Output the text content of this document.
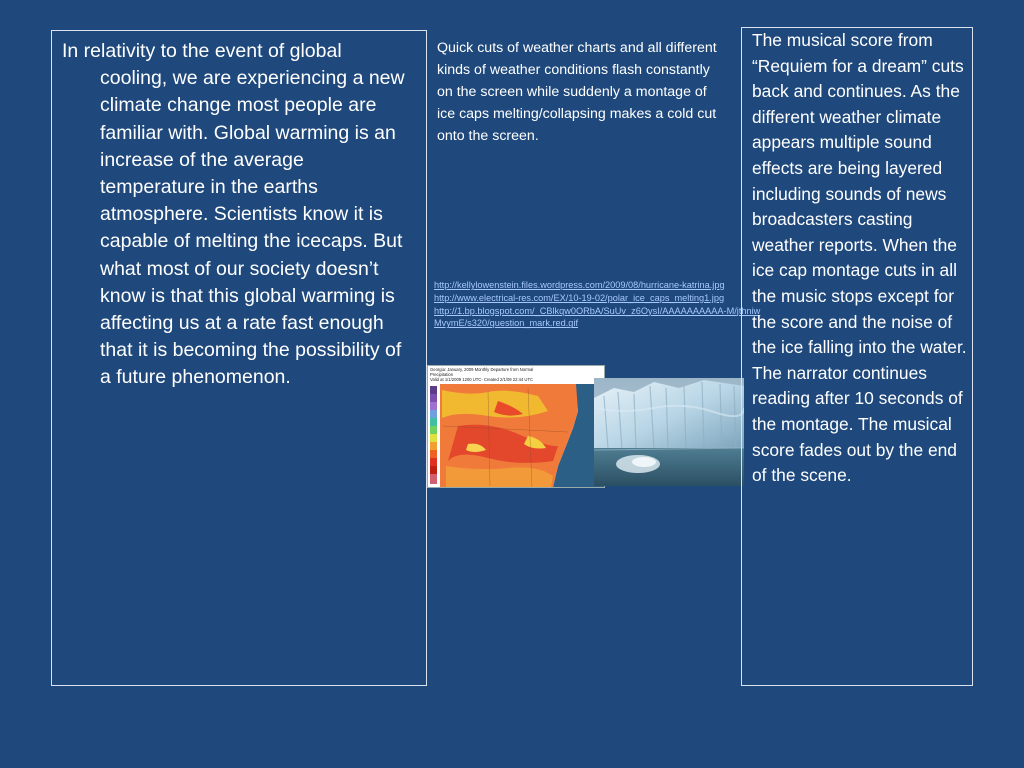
In relativity to the event of global cooling, we are experiencing a new climate change most people are familiar with. Global warming is an increase of the average temperature in the earths atmosphere. Scientists know it is capable of melting the icecaps. But what most of our society doesn’t know is that this global warming is affecting us at a rate fast enough that it is becoming the possibility of a future phenomenon.

Quick cuts of weather charts and all different kinds of weather conditions flash constantly on the screen while suddenly a montage of ice caps melting/collapsing makes a cold cut onto the screen.

http://kellylowenstein.files.wordpress.com/2009/08/hurricane-katrina.jpg
http://www.electrical-res.com/EX/10-19-02/polar_ice_caps_melting1.jpg
http://1.bp.blogspot.com/_CBlkqw0ORbA/SuUv_z6OysI/AAAAAAAAAA-M/jthniwMvymE/s320/question_mark.red.gif
Georgia: January, 2009 Monthly Departure from Normal
Precipitation
Valid at 1/1/2009 1200 UTC- Created 2/1/09 22:44 UTC

The musical score from “Requiem for a dream” cuts back and continues. As the different weather climate appears multiple sound effects are being layered including sounds of news broadcasters casting weather reports. When the ice cap montage cuts in all the music stops except for the score and the noise of the ice falling into the water. The narrator continues reading after 10 seconds of the montage. The musical score fades out by the end of the scene.
